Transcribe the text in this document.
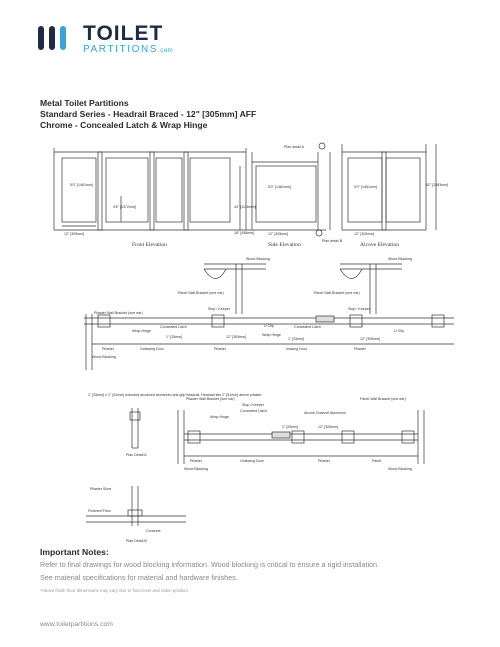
TOILET
PARTITIONS.com
Metal Toilet Partitions
Standard Series - Headrail Braced - 12" [305mm] AFF
Chrome - Concealed Latch & Wrap Hinge
5'0" [1461mm]
4'6" [1372mm]
12" [305mm]
44" [1118mm]
5'0" [1461mm]
18" [458mm]	12" [305mm]
Plan detail A
Plan detail B
82" [2083mm]
5'0" [1461mm]
12" [305mm]
Wood Blocking	Wood Blocking
Panel Wall Bracket (one ear)	Panel Wall Bracket (one ear)
Pilaster Wall Bracket (one ear)
Stop / Keeper
Wrap Hinge
Concealed Latch	U Clip
Wrap Hinge
Concealed Latch
Stop / Keeper
U Clip
1" [25mm]	12" [305mm]	1" [25mm]	12" [305mm]
Pilaster	Outswing Door	Pilaster	Inswing Door	Pilaster
Wood Blocking
Pilaster Wall Bracket (one ear)
Stop / Keeper
Wrap Hinge
Concealed Latch	Alcove Channel Aluminum
Panel Wall Bracket (one ear)
1" [25mm]	12" [305mm]
Pilaster	Outswing Door	Pilaster	Panel
Wood Blocking	Wood Blocking
1" [25mm] x 1" [61mm] extruded anodized aluminum anti-grip headrail. Headrail sits 2" [51mm] above pilaster.
Plan Detail A
Pilaster Shoe
Finished Floor
Concrete
Plan Detail B
Front Elevation	Side Elevation	Alcove Elevation
Important Notes:

Refer to final drawings for wood blocking information. Wood blocking is critical to ensure a rigid installation.

See material specifications for material and hardware finishes.

*Above finish floor dimensions may vary due to floor level and cabin position

www.toiletpartitions.com
